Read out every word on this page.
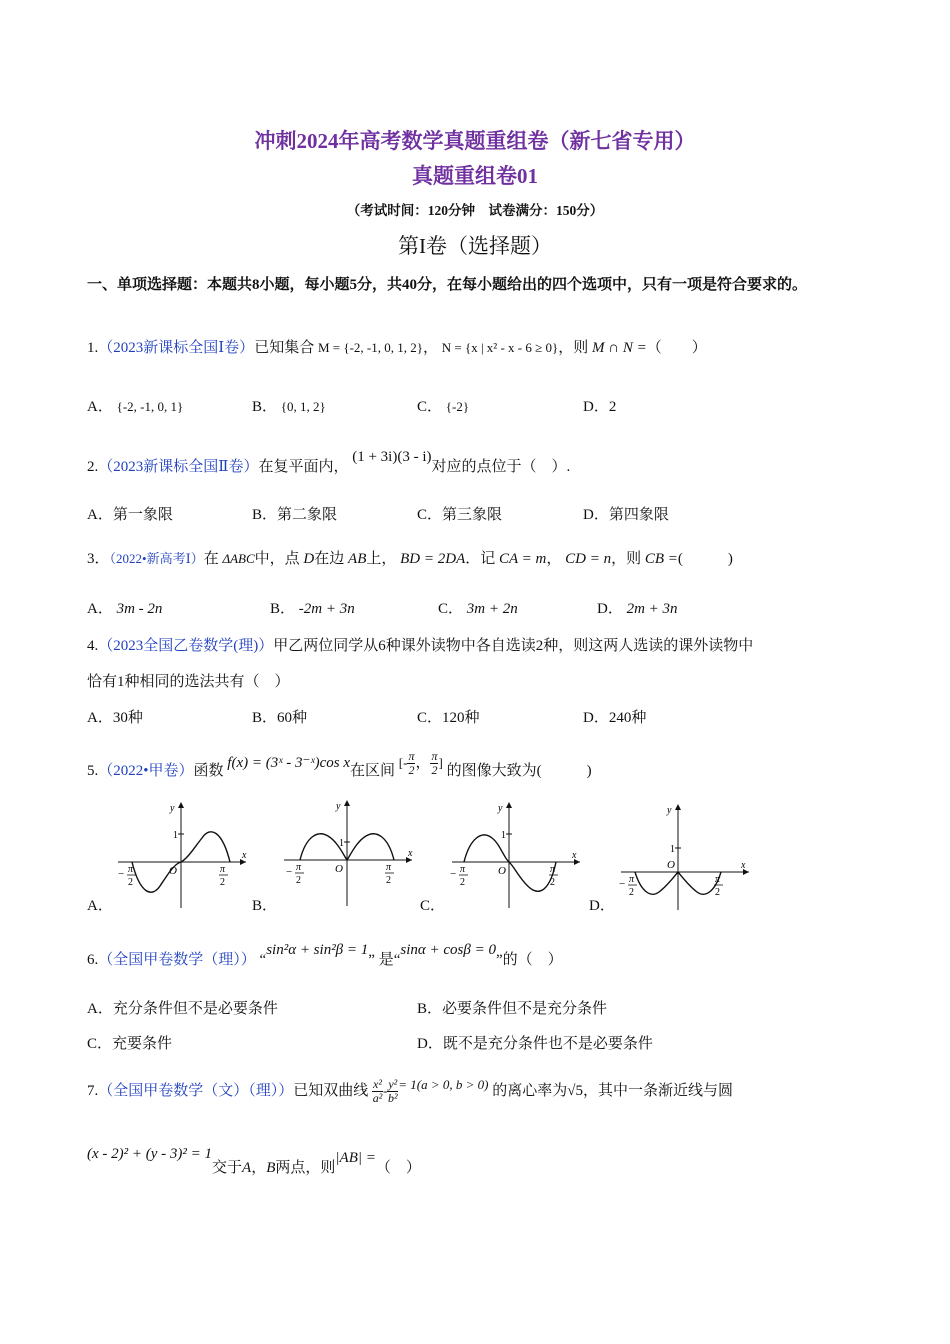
冲刺2024年高考数学真题重组卷（新七省专用）
真题重组卷01
（考试时间：120分钟　试卷满分：150分）
第I卷（选择题）
一、单项选择题：本题共8小题，每小题5分，共40分，在每小题给出的四个选项中，只有一项是符合要求的。
1.（2023新课标全国Ⅰ卷）已知集合 M = {-2, -1, 0, 1, 2}， N = {x | x² - x - 6 ≥ 0}，则 M ∩ N =（　　）
A． {-2, -1, 0, 1}	B． {0, 1, 2}	C． {-2}	D．2
2.（2023新课标全国Ⅱ卷）在复平面内， (1 + 3i)(3 - i)对应的点位于（　）.
A．第一象限	B．第二象限	C．第三象限	D．第四象限
3．（2022•新高考Ⅰ）在 ΔABC中，点 D在边 AB上， BD = 2DA．记 CA = m， CD = n，则 CB =(　　　)
A． 3m - 2n	B． -2m + 3n	C． 3m + 2n	D． 2m + 3n
4.（2023全国乙卷数学(理)）甲乙两位同学从6种课外读物中各自选读2种，则这两人选读的课外读物中
恰有1种相同的选法共有（　）
A．30种	B．60种	C．120种	D．240种
5.（2022•甲卷）函数 f(x) = (3ˣ - 3⁻ˣ)cos x在区间 [- $\frac{\pi}{2}$ ， $\frac{\pi}{2}$ ] 的图像大致为(　　　)
A．	B．	C．	D．
y
x
O
1
− π
2
π
2
y
x
O
1
− π
2
π
2
y
x
O
1
− π
2
π
2
y
x
O
1
− π
2
π
2
6.（全国甲卷数学（理）） “sin²α + sin²β = 1” 是“sinα + cosβ = 0”的（　）
A．充分条件但不是必要条件	B．必要条件但不是充分条件
C．充要条件	D．既不是充分条件也不是必要条件
7.（全国甲卷数学（文）（理））已知双曲线 $\frac{\text{x²}}{\text{a²}} - \frac{\text{y²}}{\text{b²}} = 1(a > 0$, b > 0) 的离心率为√5，其中一条渐近线与圆
(x - 2)² + (y - 3)² = 1交于A，B两点，则|AB| =（　）
